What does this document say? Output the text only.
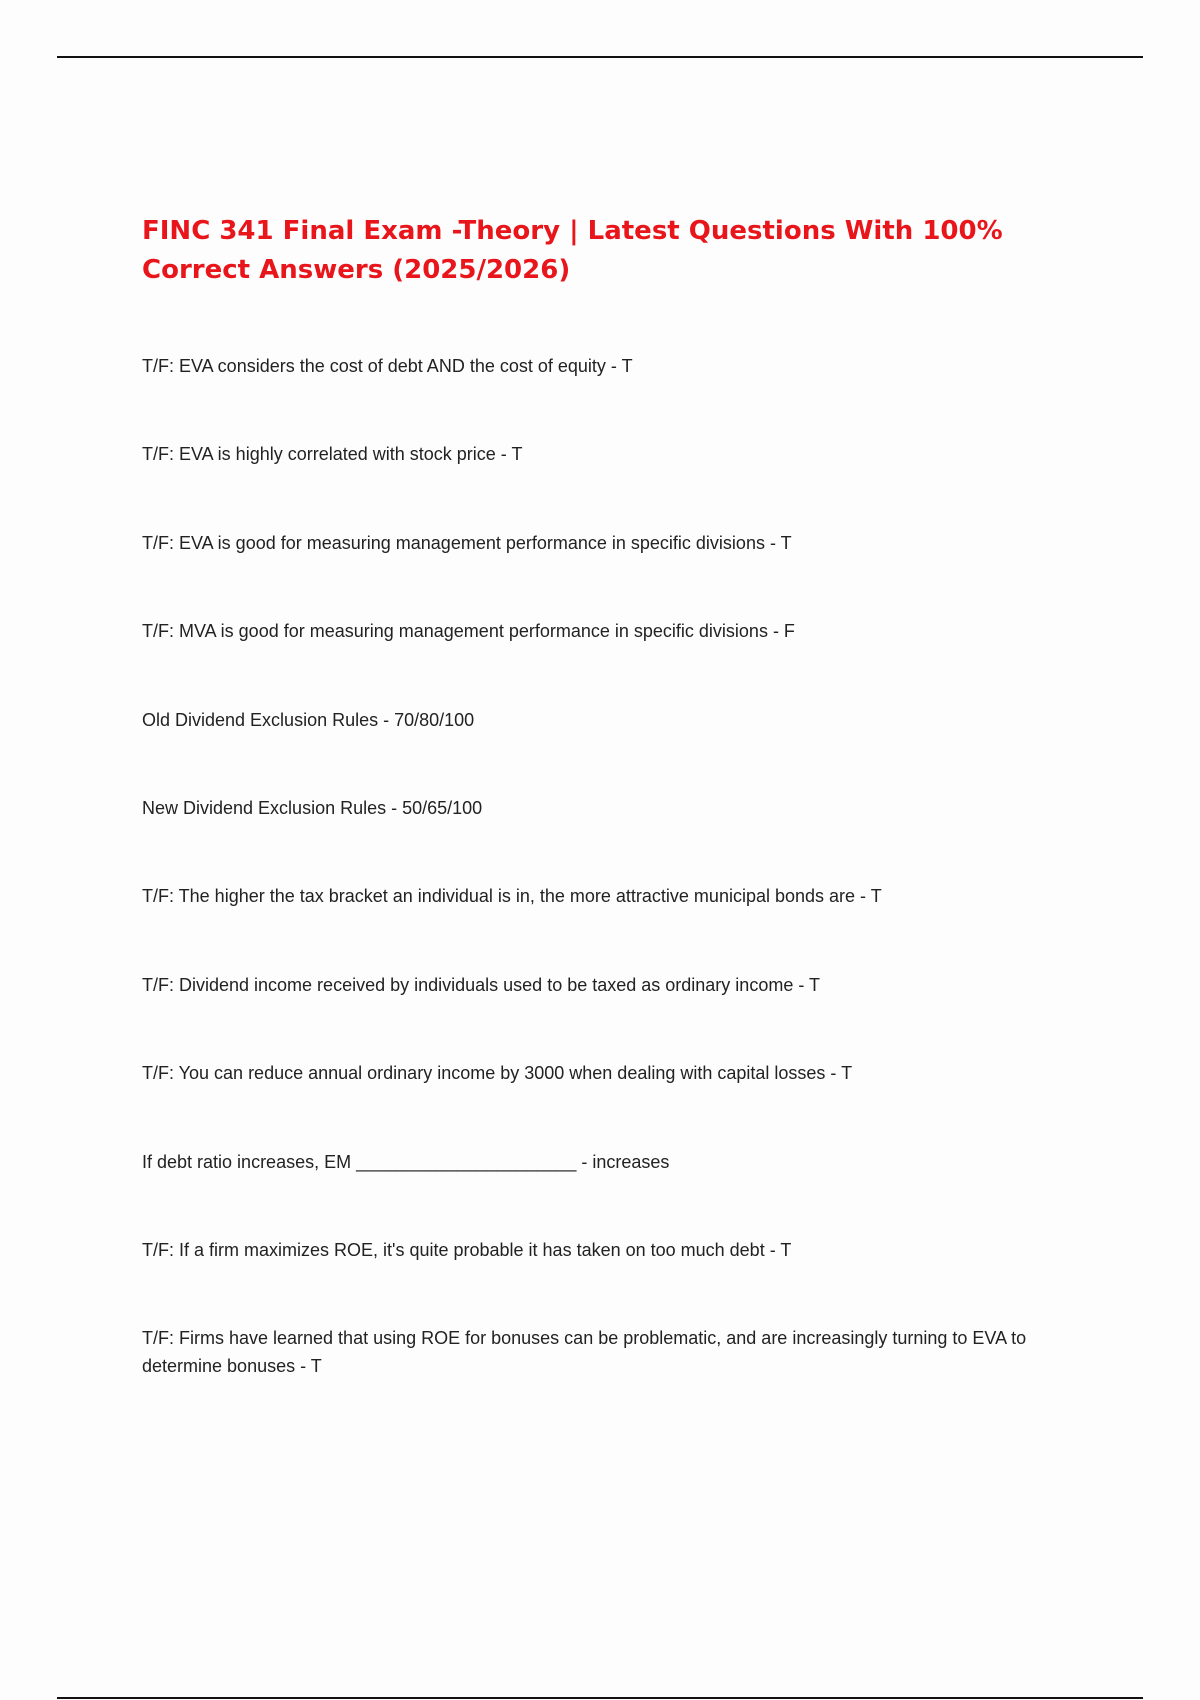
FINC 341 Final Exam -Theory | Latest Questions With 100% Correct Answers (2025/2026)
T/F: EVA considers the cost of debt AND the cost of equity - T
T/F: EVA is highly correlated with stock price - T
T/F: EVA is good for measuring management performance in specific divisions - T
T/F: MVA is good for measuring management performance in specific divisions - F
Old Dividend Exclusion Rules - 70/80/100
New Dividend Exclusion Rules - 50/65/100
T/F: The higher the tax bracket an individual is in, the more attractive municipal bonds are - T
T/F: Dividend income received by individuals used to be taxed as ordinary income - T
T/F: You can reduce annual ordinary income by 3000 when dealing with capital losses - T
If debt ratio increases, EM ______________________ - increases
T/F: If a firm maximizes ROE, it's quite probable it has taken on too much debt - T
T/F: Firms have learned that using ROE for bonuses can be problematic, and are increasingly turning to EVA to determine bonuses - T
